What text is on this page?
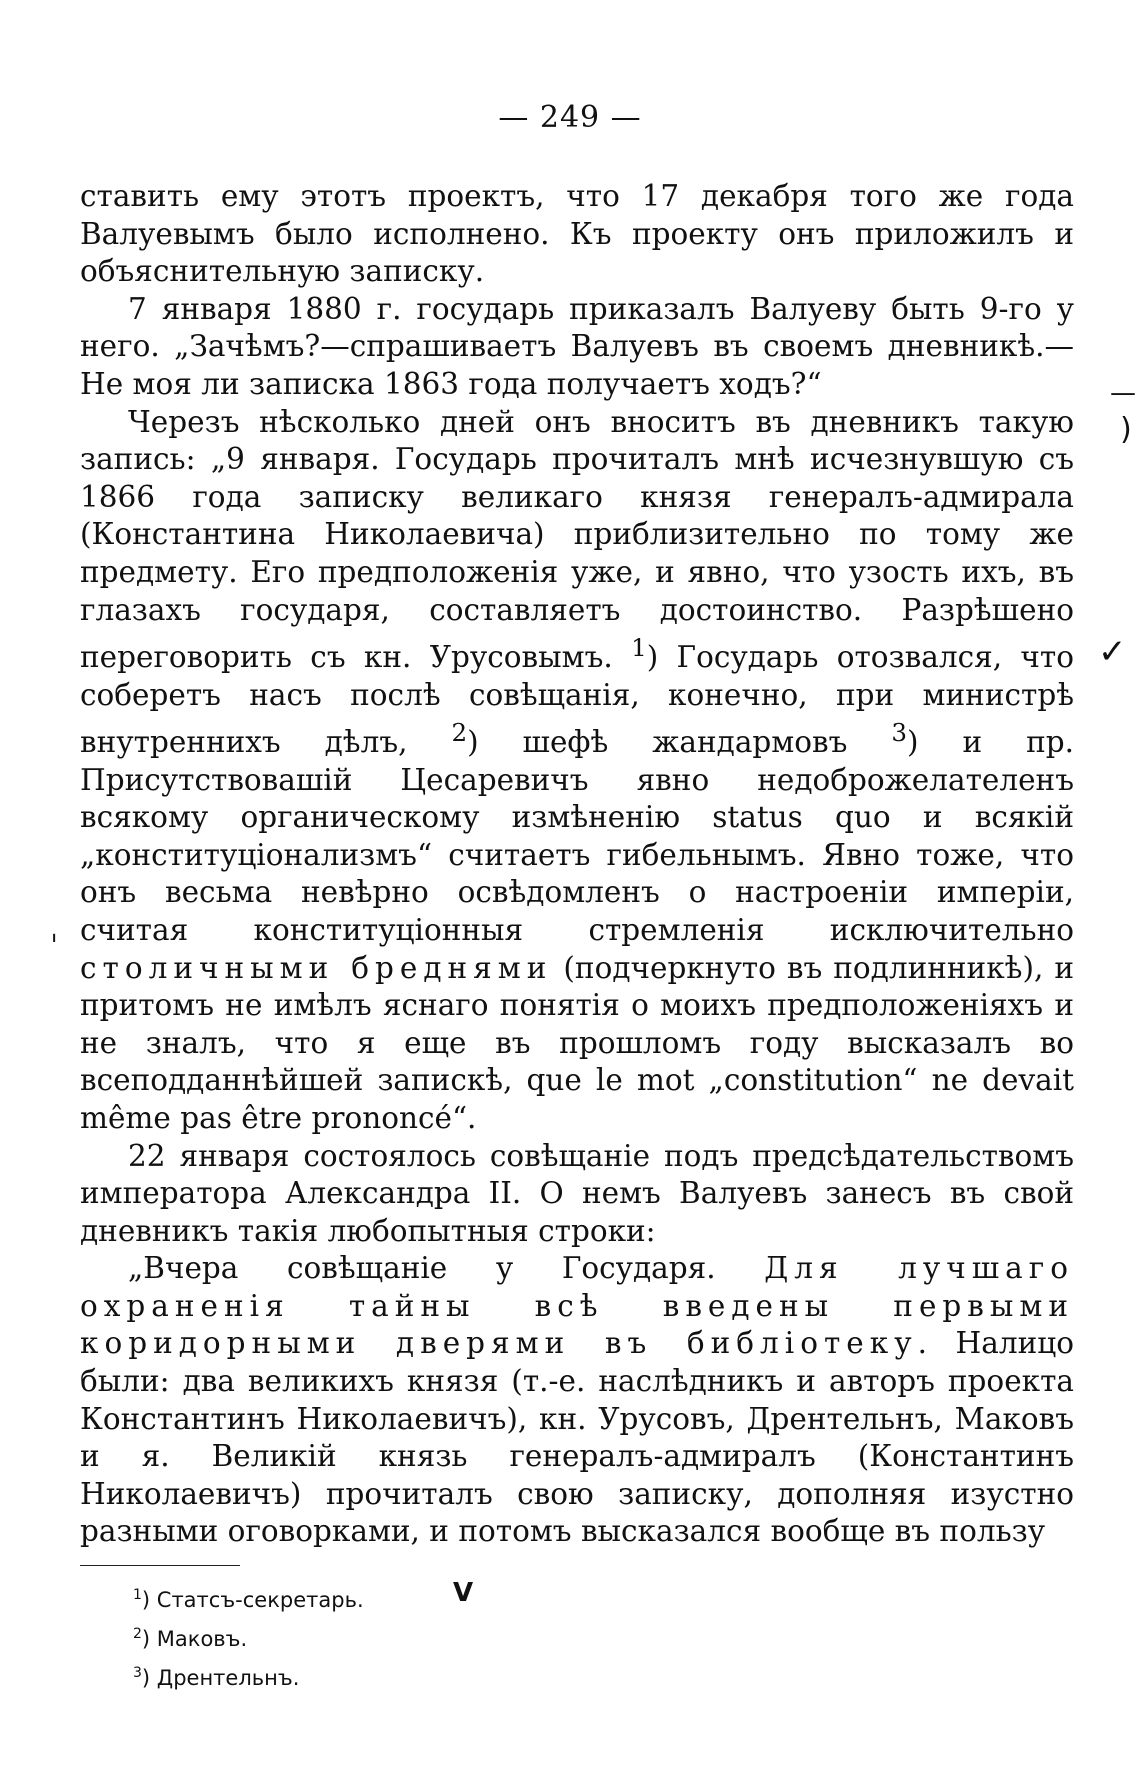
— 249 —

ставить ему этотъ проектъ, что 17 декабря того же года Валуевымъ было исполнено. Къ проекту онъ приложилъ и объяснительную записку.

7 января 1880 г. государь приказалъ Валуеву быть 9-го у него. „Зачѣмъ?—спрашиваетъ Валуевъ въ своемъ дневникѣ.—Не моя ли записка 1863 года получаетъ ходъ?“

Черезъ нѣсколько дней онъ вноситъ въ дневникъ такую запись: „9 января. Государь прочиталъ мнѣ исчезнувшую съ 1866 года записку великаго князя генералъ-адмирала (Константина Николаевича) приблизительно по тому же предмету. Его предположенія уже, и явно, что узость ихъ, въ глазахъ государя, составляетъ достоинство. Разрѣшено переговорить съ кн. Урусовымъ. $^1$) Государь отозвался, что соберетъ насъ послѣ совѣщанія, конечно, при министрѣ внутреннихъ дѣлъ, $^2$) шефѣ жандармовъ $^3$) и пр. Присутствовашій Цесаревичъ явно недоброжелателенъ всякому органическому измѣненію status quo и всякій „конституціонализмъ“ считаетъ гибельнымъ. Явно тоже, что онъ весьма невѣрно освѣдомленъ о настроеніи имперіи, считая конституціонныя стремленія исключительно столичными бреднями (подчеркнуто въ подлинникѣ), и притомъ не имѣлъ яснаго понятія о моихъ предположеніяхъ и не зналъ, что я еще въ прошломъ году высказалъ во всеподданнѣйшей запискѣ, que le mot „constitution“ ne devait même pas être prononcé“.

22 января состоялось совѣщаніе подъ предсѣдательствомъ императора Александра II. О немъ Валуевъ занесъ въ свой дневникъ такія любопытныя строки:

„Вчера совѣщаніе у Государя. Для лучшаго охраненія тайны всѣ введены первыми коридорными дверями въ библіотеку. Налицо были: два великихъ князя (т.-е. наслѣдникъ и авторъ проекта Константинъ Николаевичъ), кн. Урусовъ, Дрентельнъ, Маковъ и я. Великій князь генералъ-адмиралъ (Константинъ Николаевичъ) прочиталъ свою записку, дополняя изустно разными оговорками, и потомъ высказался вообще въ пользу

—
(
✓
ˈ
$^1$) Статсъ-секретарь.
$^2$) Маковъ.
$^3$) Дрентельнъ.
V
